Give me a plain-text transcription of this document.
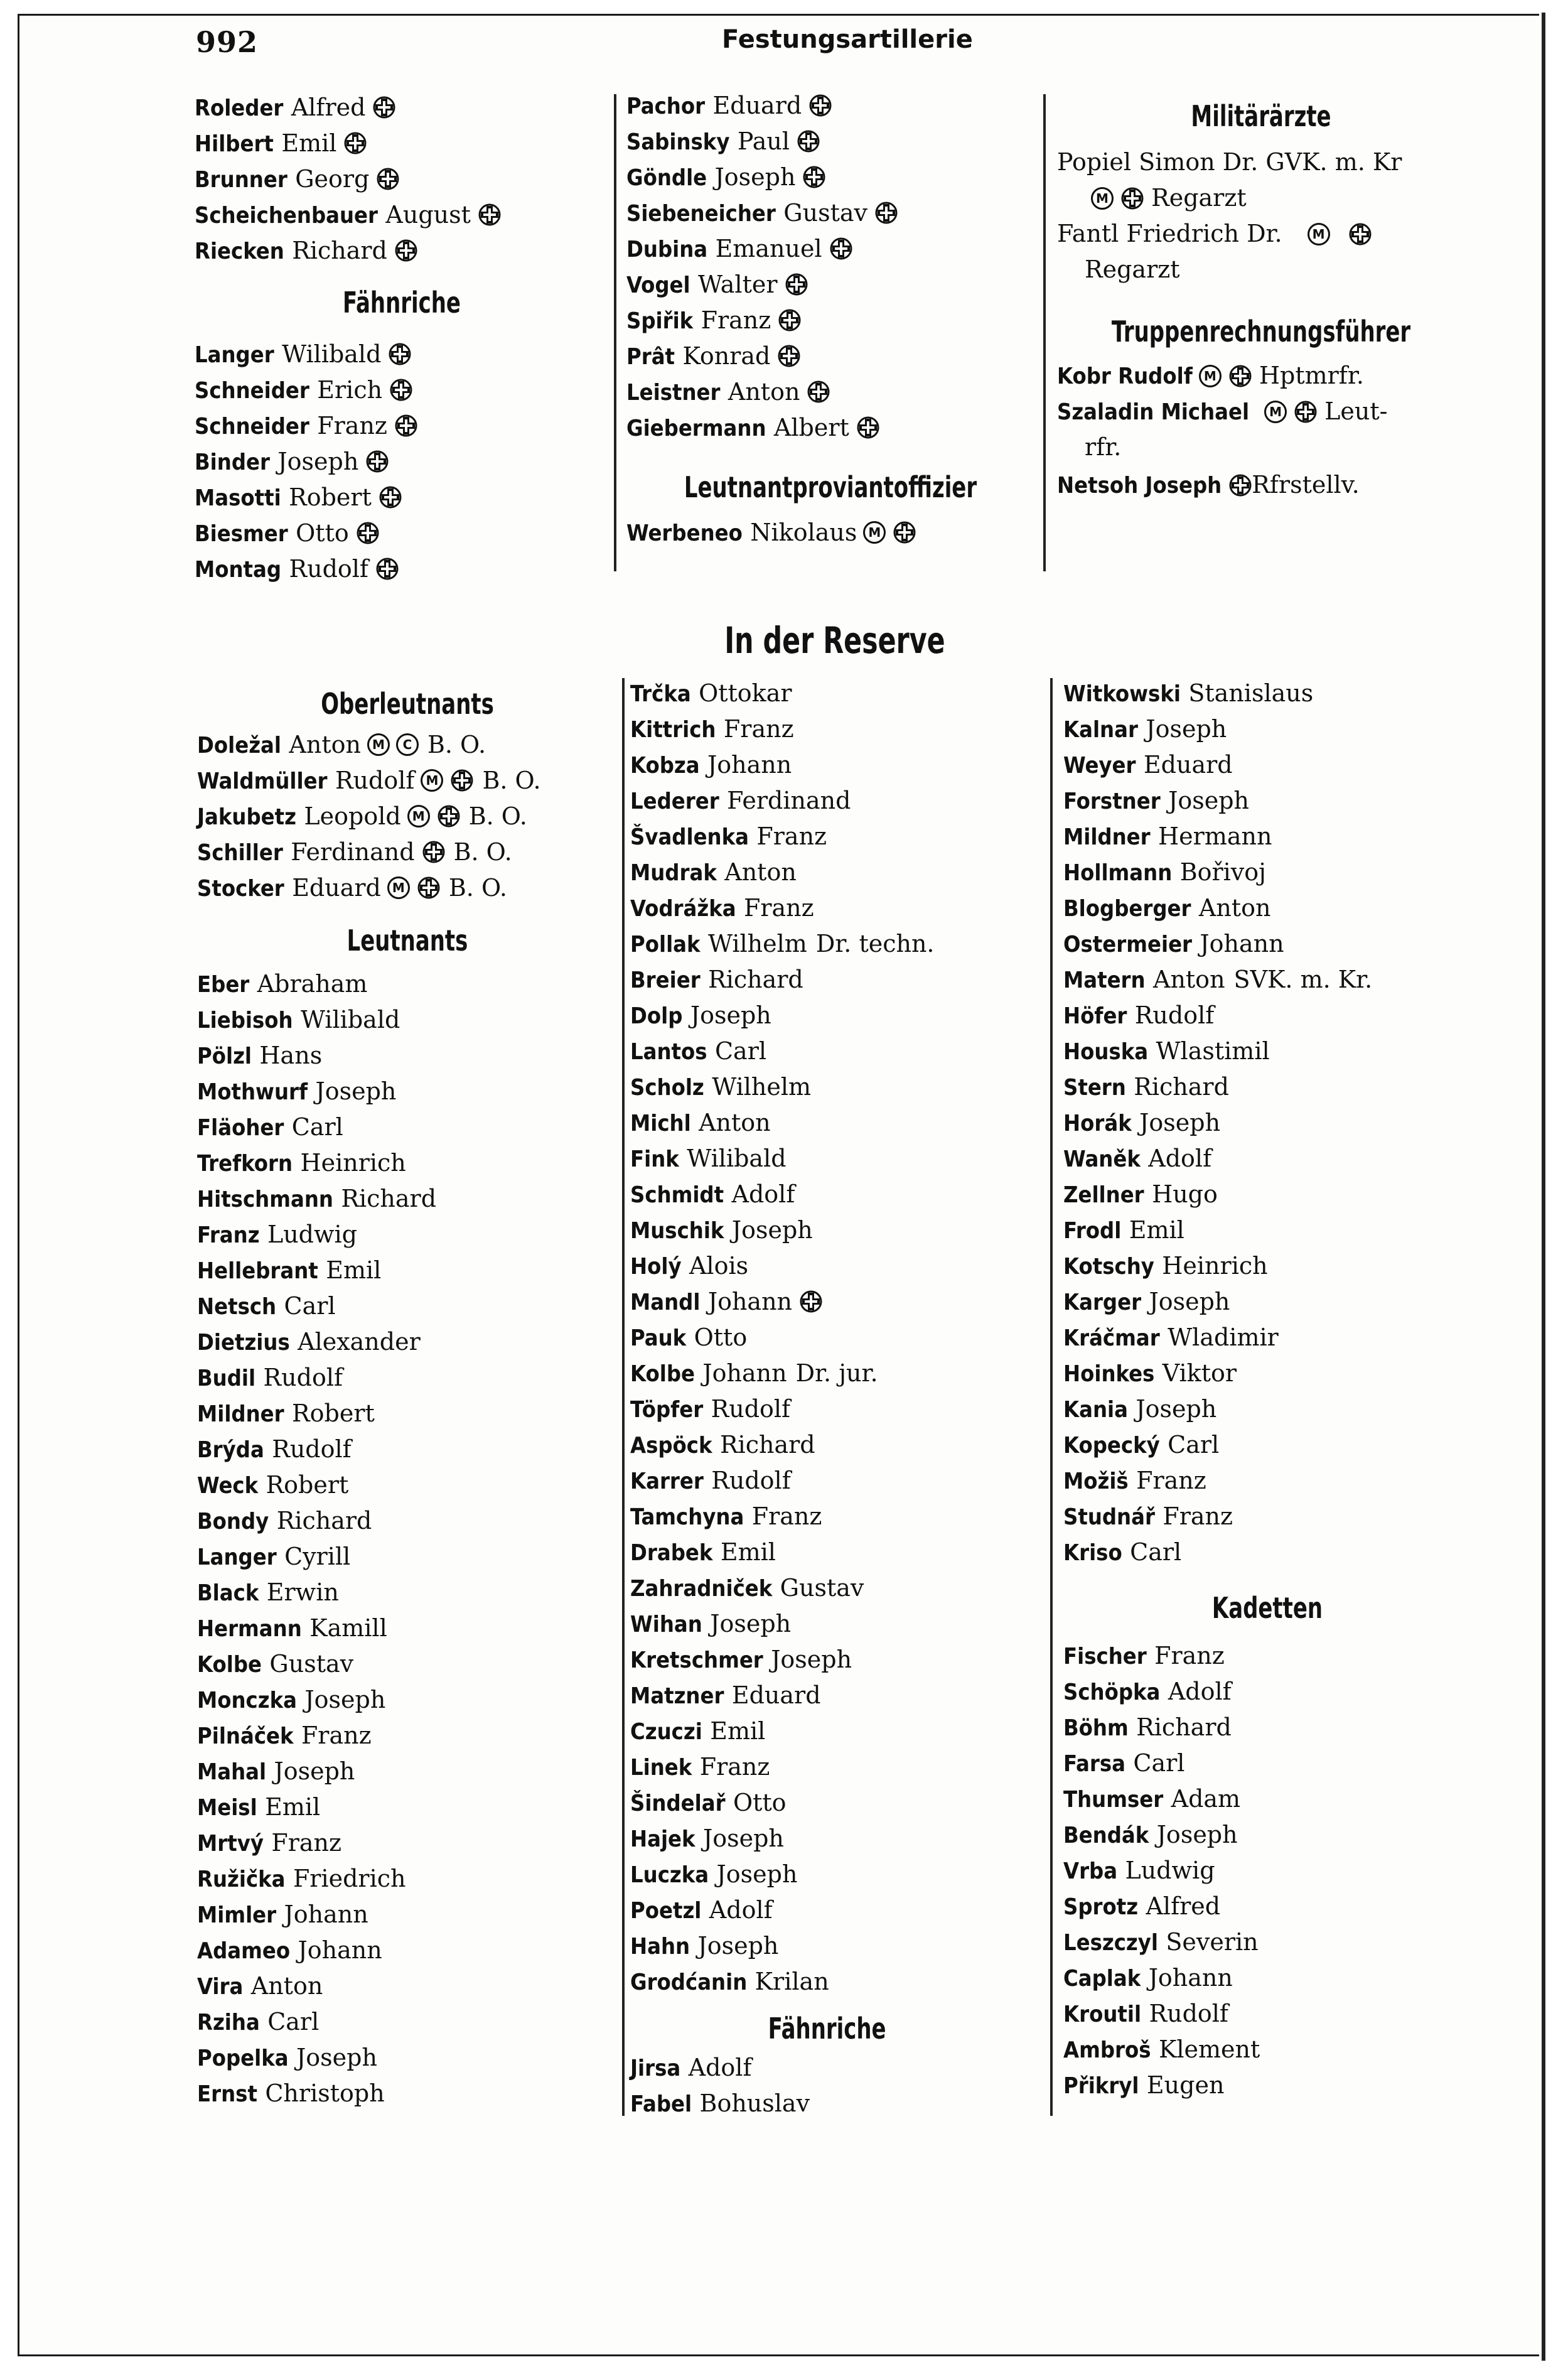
992	Festungsartillerie
Roleder Alfred
Hilbert Emil
Brunner Georg
Scheichenbauer August
Riecken Richard
Fähnriche
Langer Wilibald
Schneider Erich
Schneider Franz
Binder Joseph
Masotti Robert
Biesmer Otto
Montag Rudolf
Pachor Eduard
Sabinsky Paul
Göndle Joseph
Siebeneicher Gustav
Dubina Emanuel
Vogel Walter
Spiřik Franz
Prât Konrad
Leistner Anton
Giebermann Albert
Leutnantproviantoffizier
Werbeneo Nikolaus M
Militärärzte
Popiel Simon Dr. GVK. m. Kr
M Regarzt
Fantl Friedrich Dr. M
Regarzt
Truppenrechnungsführer
Kobr Rudolf M Hptmrfr.
Szaladin Michael M Leut-
rfr.
Netsoh Joseph Rfrstellv.
In der Reserve
Oberleutnants
Doležal Anton M C B. O.
Waldmüller Rudolf M B. O.
Jakubetz Leopold M B. O.
Schiller Ferdinand B. O.
Stocker Eduard M B. O.
Leutnants
Eber Abraham
Liebisoh Wilibald
Pölzl Hans
Mothwurf Joseph
Fläoher Carl
Trefkorn Heinrich
Hitschmann Richard
Franz Ludwig
Hellebrant Emil
Netsch Carl
Dietzius Alexander
Budil Rudolf
Mildner Robert
Brýda Rudolf
Weck Robert
Bondy Richard
Langer Cyrill
Black Erwin
Hermann Kamill
Kolbe Gustav
Monczka Joseph
Pilnáček Franz
Mahal Joseph
Meisl Emil
Mrtvý Franz
Ružička Friedrich
Mimler Johann
Adameo Johann
Vira Anton
Rziha Carl
Popelka Joseph
Ernst Christoph
Trčka Ottokar
Kittrich Franz
Kobza Johann
Lederer Ferdinand
Švadlenka Franz
Mudrak Anton
Vodrážka Franz
Pollak Wilhelm Dr. techn.
Breier Richard
Dolp Joseph
Lantos Carl
Scholz Wilhelm
Michl Anton
Fink Wilibald
Schmidt Adolf
Muschik Joseph
Holý Alois
Mandl Johann
Pauk Otto
Kolbe Johann Dr. jur.
Töpfer Rudolf
Aspöck Richard
Karrer Rudolf
Tamchyna Franz
Drabek Emil
Zahradniček Gustav
Wihan Joseph
Kretschmer Joseph
Matzner Eduard
Czuczi Emil
Linek Franz
Šindelař Otto
Hajek Joseph
Luczka Joseph
Poetzl Adolf
Hahn Joseph
Grodćanin Krilan
Fähnriche
Jirsa Adolf
Fabel Bohuslav
Witkowski Stanislaus
Kalnar Joseph
Weyer Eduard
Forstner Joseph
Mildner Hermann
Hollmann Bořivoj
Blogberger Anton
Ostermeier Johann
Matern Anton SVK. m. Kr.
Höfer Rudolf
Houska Wlastimil
Stern Richard
Horák Joseph
Waněk Adolf
Zellner Hugo
Frodl Emil
Kotschy Heinrich
Karger Joseph
Kráčmar Wladimir
Hoinkes Viktor
Kania Joseph
Kopecký Carl
Možiš Franz
Studnář Franz
Kriso Carl
Kadetten
Fischer Franz
Schöpka Adolf
Böhm Richard
Farsa Carl
Thumser Adam
Bendák Joseph
Vrba Ludwig
Sprotz Alfred
Leszczyl Severin
Caplak Johann
Kroutil Rudolf
Ambroš Klement
Přikryl Eugen
